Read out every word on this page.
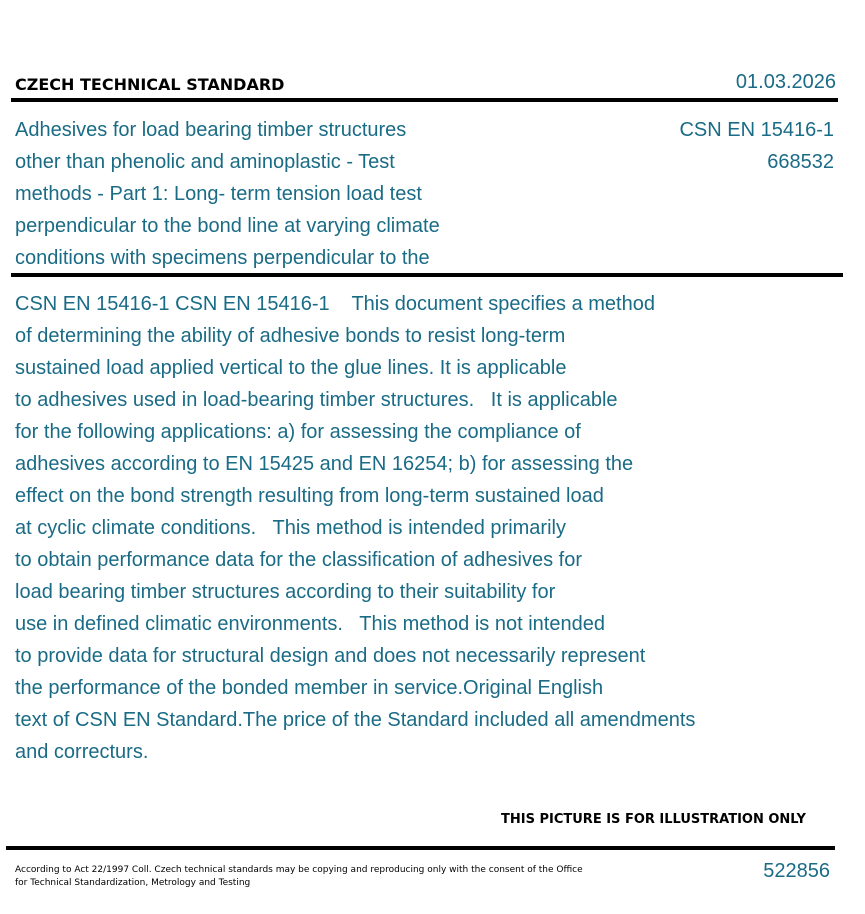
CZECH TECHNICAL STANDARD	01.03.2026
Adhesives for load bearing timber structures
other than phenolic and aminoplastic - Test
methods - Part 1: Long- term tension load test
perpendicular to the bond line at varying climate
conditions with specimens perpendicular to the
CSN EN 15416-1
668532
CSN EN 15416-1 CSN EN 15416-1    This document specifies a method
of determining the ability of adhesive bonds to resist long-term
sustained load applied vertical to the glue lines. It is applicable
to adhesives used in load-bearing timber structures.   It is applicable
for the following applications: a) for assessing the compliance of
adhesives according to EN 15425 and EN 16254; b) for assessing the
effect on the bond strength resulting from long-term sustained load
at cyclic climate conditions.   This method is intended primarily
to obtain performance data for the classification of adhesives for
load bearing timber structures according to their suitability for
use in defined climatic environments.   This method is not intended
to provide data for structural design and does not necessarily represent
the performance of the bonded member in service.Original English
text of CSN EN Standard.The price of the Standard included all amendments
and correcturs.
THIS PICTURE IS FOR ILLUSTRATION ONLY
According to Act 22/1997 Coll. Czech technical standards may be copying and reproducing only with the consent of the Office
for Technical Standardization, Metrology and Testing
522856
